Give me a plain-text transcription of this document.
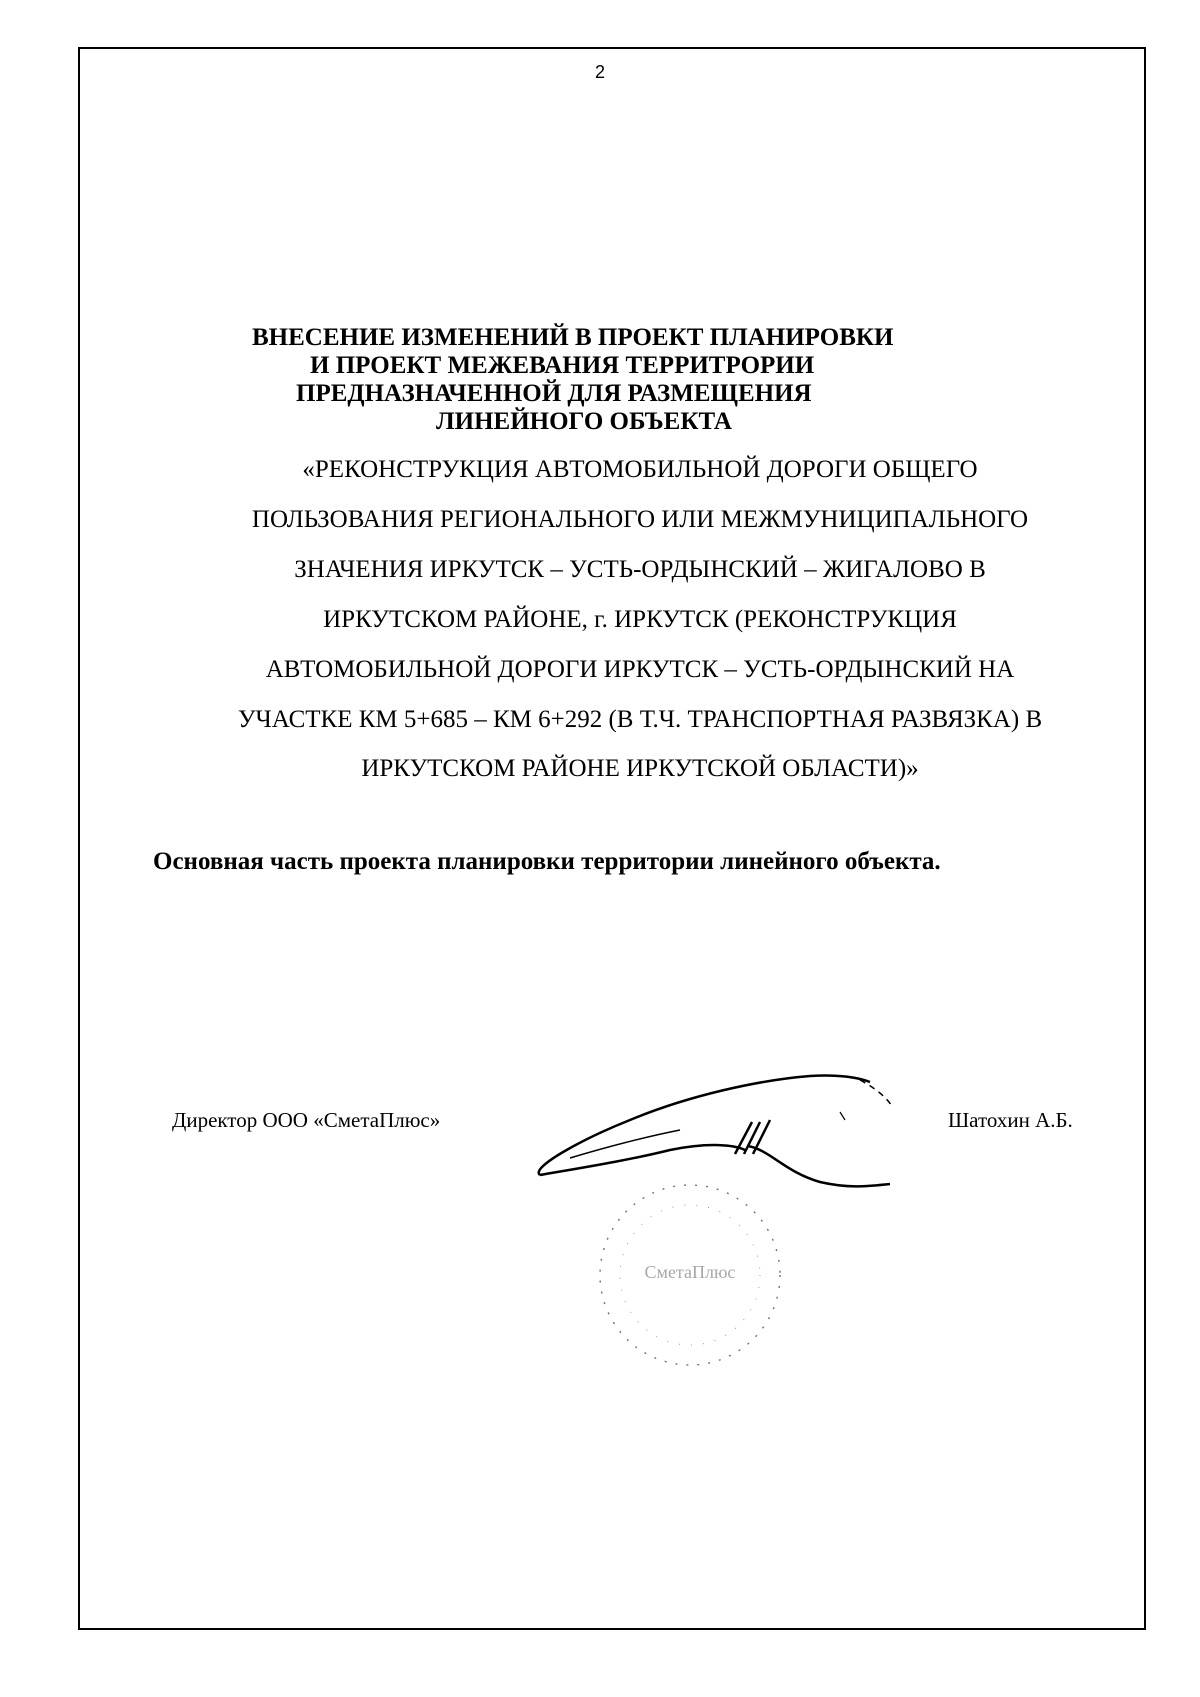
2
ВНЕСЕНИЕ ИЗМЕНЕНИЙ В ПРОЕКТ ПЛАНИРОВКИ
И ПРОЕКТ МЕЖЕВАНИЯ ТЕРРИТРОРИИ
ПРЕДНАЗНАЧЕННОЙ ДЛЯ РАЗМЕЩЕНИЯ
ЛИНЕЙНОГО ОБЪЕКТА
«РЕКОНСТРУКЦИЯ АВТОМОБИЛЬНОЙ ДОРОГИ ОБЩЕГО
ПОЛЬЗОВАНИЯ РЕГИОНАЛЬНОГО ИЛИ МЕЖМУНИЦИПАЛЬНОГО
ЗНАЧЕНИЯ ИРКУТСК – УСТЬ-ОРДЫНСКИЙ – ЖИГАЛОВО В
ИРКУТСКОМ РАЙОНЕ, г. ИРКУТСК (РЕКОНСТРУКЦИЯ
АВТОМОБИЛЬНОЙ ДОРОГИ ИРКУТСК – УСТЬ-ОРДЫНСКИЙ НА
УЧАСТКЕ КМ 5+685 – КМ 6+292 (В Т.Ч. ТРАНСПОРТНАЯ РАЗВЯЗКА) В
ИРКУТСКОМ РАЙОНЕ ИРКУТСКОЙ ОБЛАСТИ)»
Основная часть проекта планировки территории линейного объекта.
Директор ООО «СметаПлюс»	Шатохин А.Б.
СметаПлюс
